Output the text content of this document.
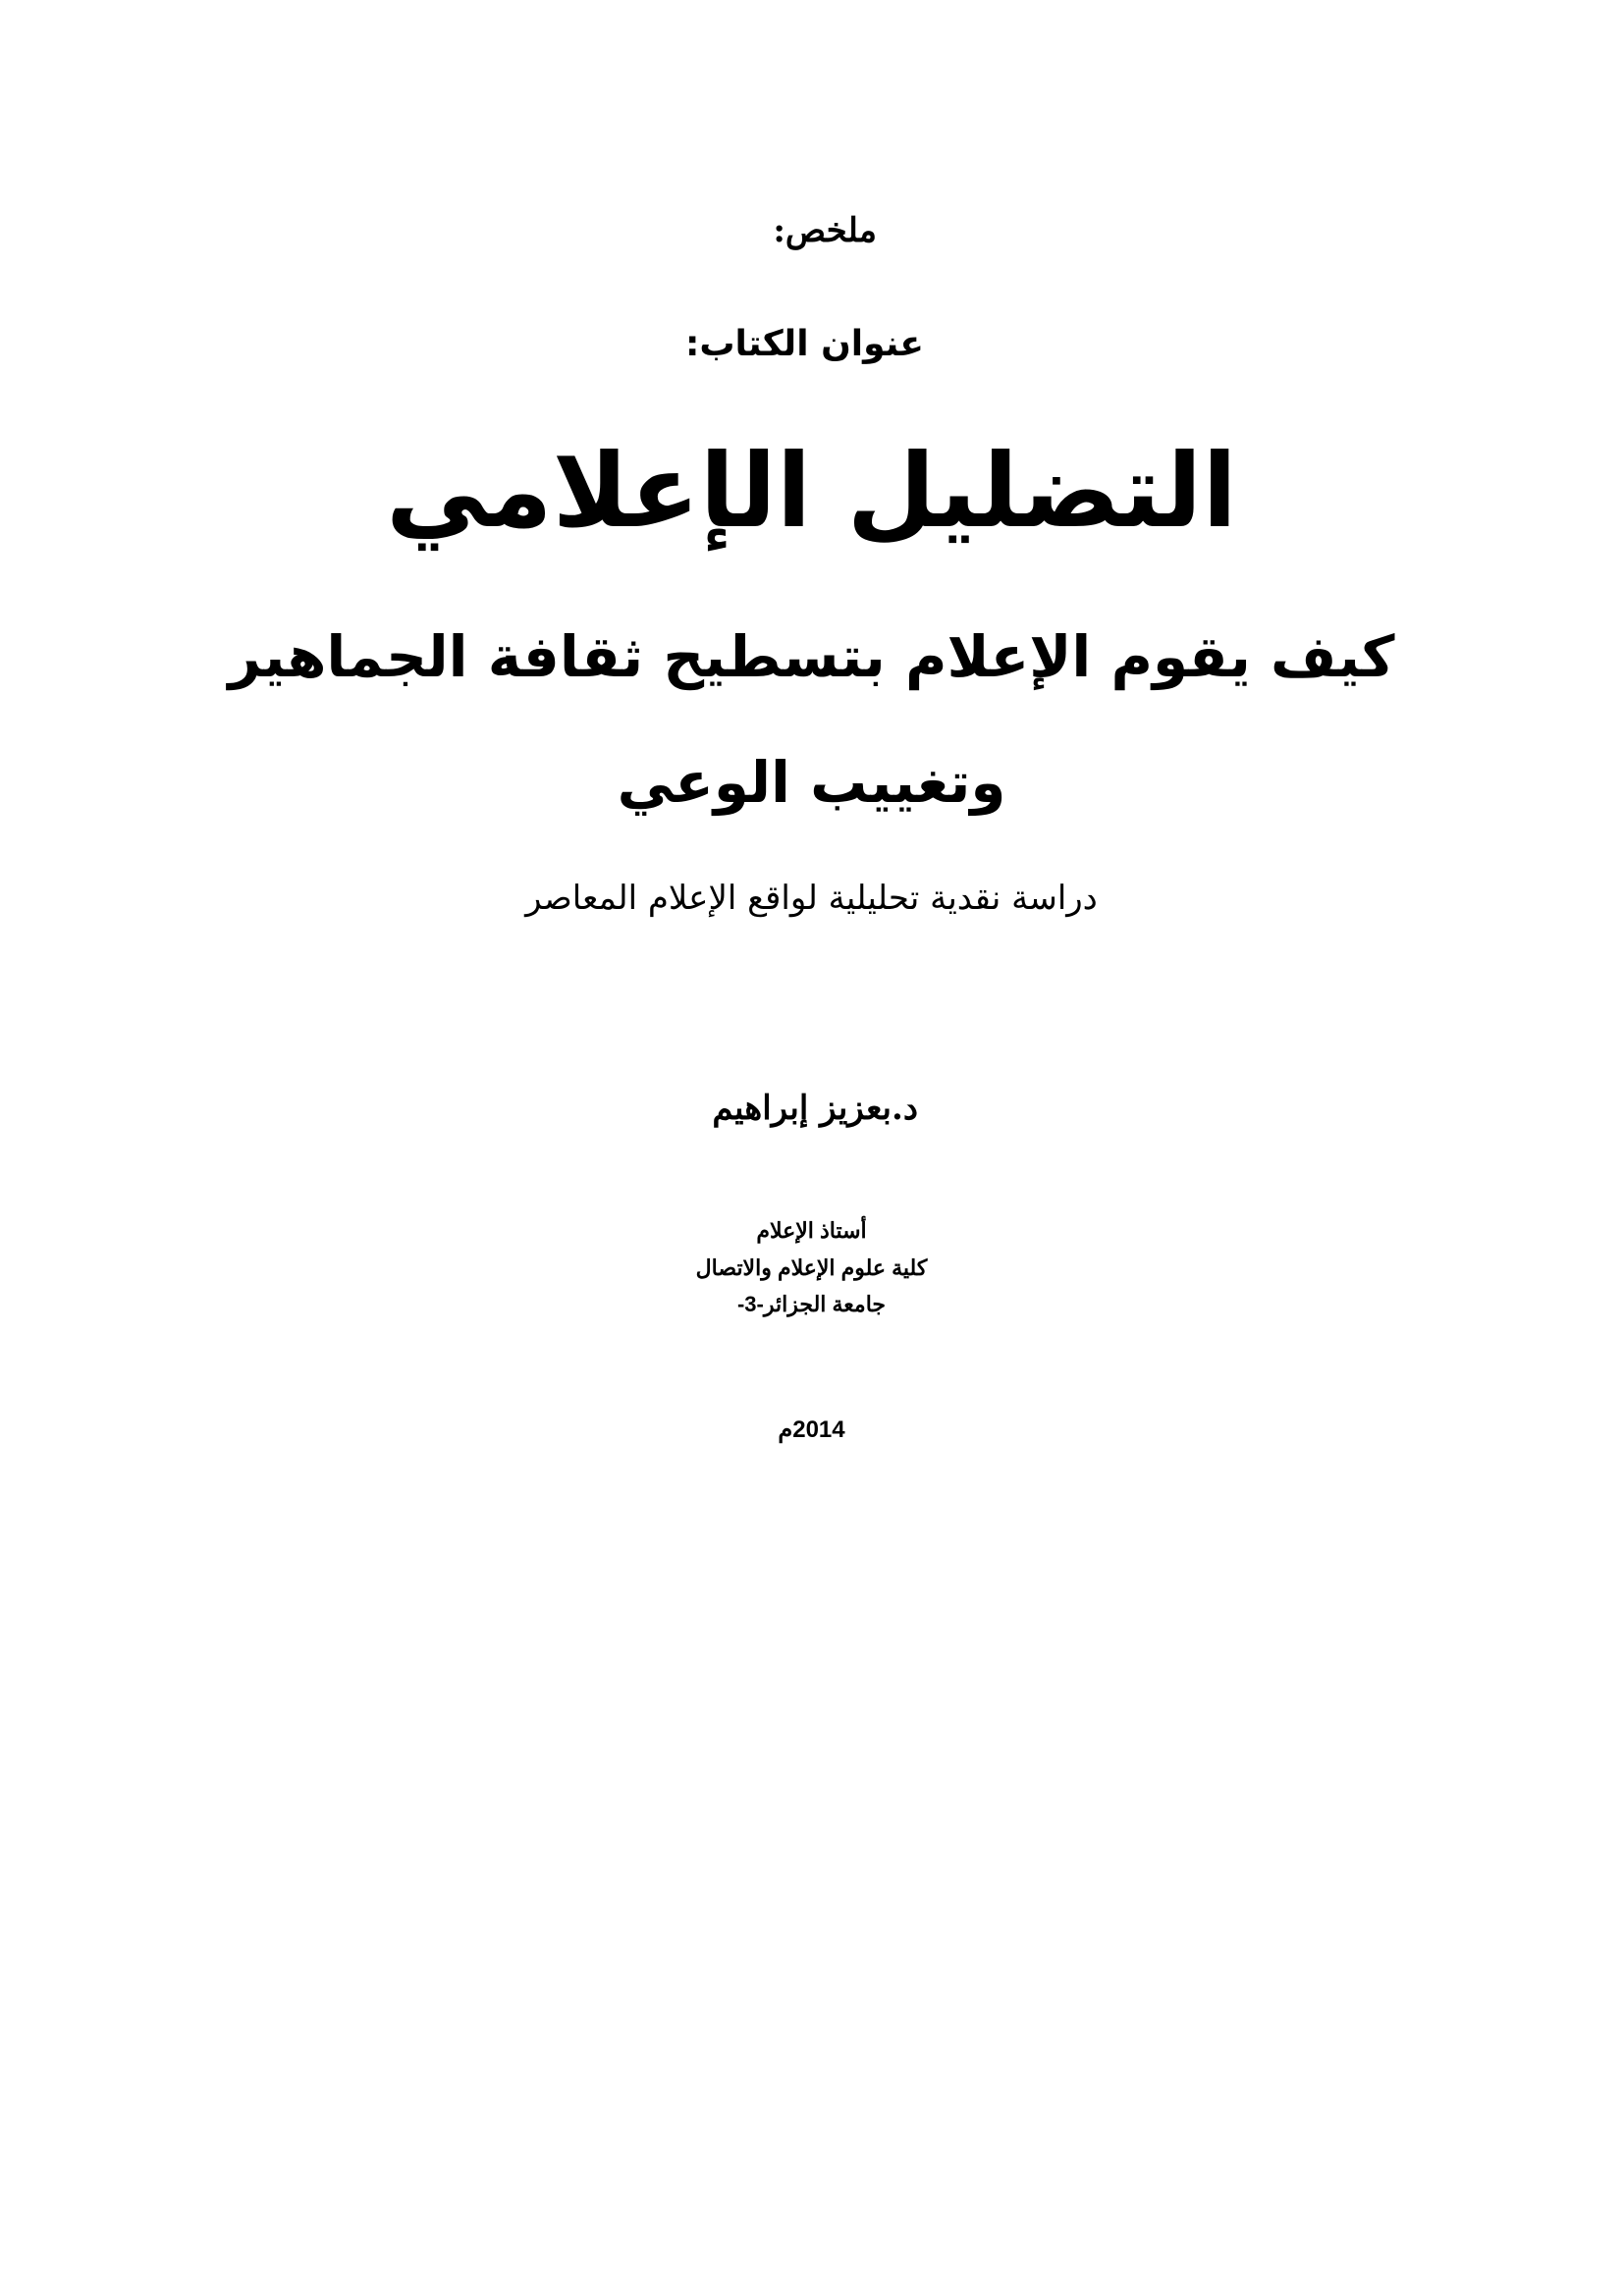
ملخص:
عنوان الكتاب:
التضليل الإعلامي
كيف يقوم الإعلام بتسطيح ثقافة الجماهير
وتغييب الوعي
دراسة نقدية تحليلية لواقع الإعلام المعاصر
د.بعزيز إبراهيم
أستاذ الإعلام
كلية علوم الإعلام والاتصال
جامعة الجزائر-3-
2014م
